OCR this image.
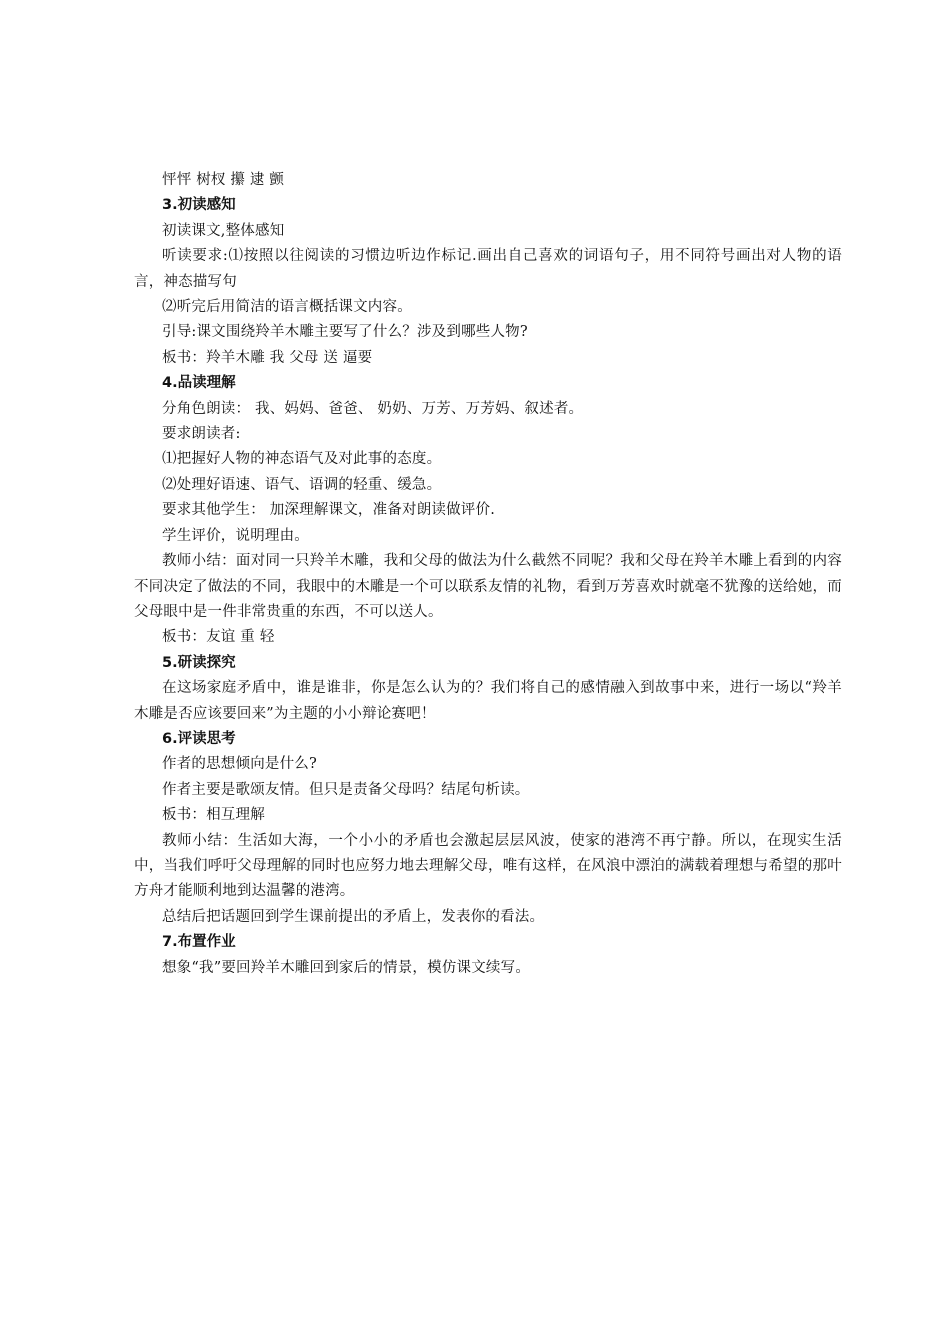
怦怦 树杈 攥 逮 颤
3.初读感知
初读课文,整体感知
听读要求:⑴按照以往阅读的习惯边听边作标记.画出自己喜欢的词语句子，用不同符号画出对人物的语言，神态描写句
⑵听完后用简洁的语言概括课文内容。
引导:课文围绕羚羊木雕主要写了什么？涉及到哪些人物?
板书：羚羊木雕 我 父母 送 逼要
4.品读理解
分角色朗读： 我、妈妈、爸爸、 奶奶、万芳、万芳妈、叙述者。
要求朗读者:
⑴把握好人物的神态语气及对此事的态度。
⑵处理好语速、语气、语调的轻重、缓急。
要求其他学生： 加深理解课文，准备对朗读做评价.
学生评价，说明理由。
教师小结：面对同一只羚羊木雕，我和父母的做法为什么截然不同呢？我和父母在羚羊木雕上看到的内容不同决定了做法的不同，我眼中的木雕是一个可以联系友情的礼物，看到万芳喜欢时就毫不犹豫的送给她，而父母眼中是一件非常贵重的东西，不可以送人。
板书：友谊 重 轻
5.研读探究
在这场家庭矛盾中，谁是谁非，你是怎么认为的？我们将自己的感情融入到故事中来，进行一场以“羚羊木雕是否应该要回来”为主题的小小辩论赛吧！
6.评读思考
作者的思想倾向是什么?
作者主要是歌颂友情。但只是责备父母吗？结尾句析读。
板书：相互理解
教师小结：生活如大海，一个小小的矛盾也会激起层层风波，使家的港湾不再宁静。所以，在现实生活中，当我们呼吁父母理解的同时也应努力地去理解父母，唯有这样，在风浪中漂泊的满载着理想与希望的那叶方舟才能顺利地到达温馨的港湾。
总结后把话题回到学生课前提出的矛盾上，发表你的看法。
7.布置作业
想象“我”要回羚羊木雕回到家后的情景，模仿课文续写。
